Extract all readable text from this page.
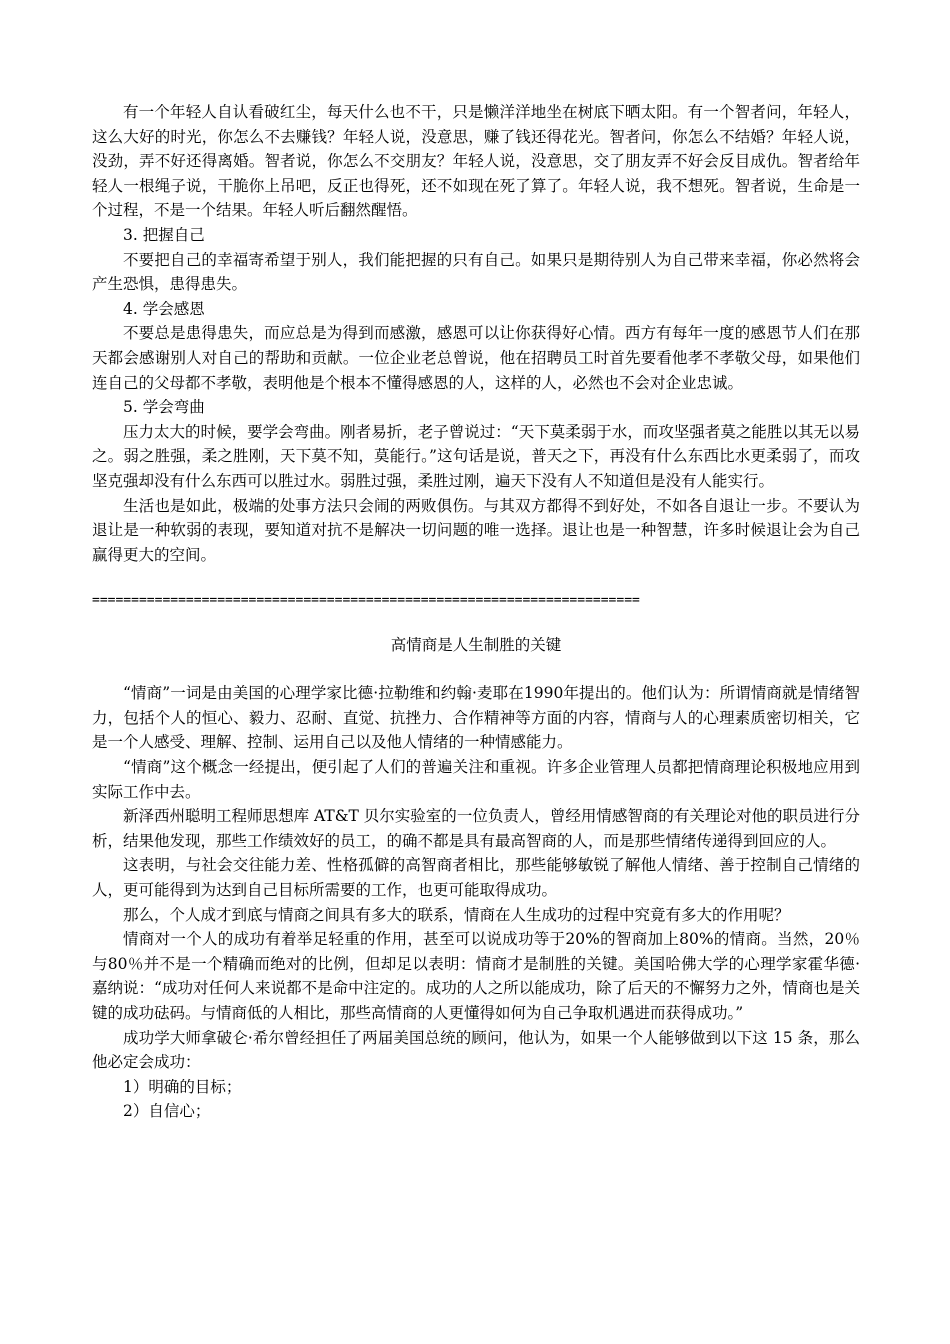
有一个年轻人自认看破红尘，每天什么也不干，只是懒洋洋地坐在树底下晒太阳。有一个智者问，年轻人，这么大好的时光，你怎么不去赚钱？年轻人说，没意思，赚了钱还得花光。智者问，你怎么不结婚？年轻人说，没劲，弄不好还得离婚。智者说，你怎么不交朋友？年轻人说，没意思，交了朋友弄不好会反目成仇。智者给年轻人一根绳子说，干脆你上吊吧，反正也得死，还不如现在死了算了。年轻人说，我不想死。智者说，生命是一个过程，不是一个结果。年轻人听后翻然醒悟。

3. 把握自己

不要把自己的幸福寄希望于别人，我们能把握的只有自己。如果只是期待别人为自己带来幸福，你必然将会产生恐惧，患得患失。

4. 学会感恩

不要总是患得患失，而应总是为得到而感激，感恩可以让你获得好心情。西方有每年一度的感恩节人们在那天都会感谢别人对自己的帮助和贡献。一位企业老总曾说，他在招聘员工时首先要看他孝不孝敬父母，如果他们连自己的父母都不孝敬，表明他是个根本不懂得感恩的人，这样的人，必然也不会对企业忠诚。

5. 学会弯曲

压力太大的时候，要学会弯曲。刚者易折，老子曾说过：“天下莫柔弱于水，而攻坚强者莫之能胜以其无以易之。弱之胜强，柔之胜刚，天下莫不知，莫能行。”这句话是说，普天之下，再没有什么东西比水更柔弱了，而攻坚克强却没有什么东西可以胜过水。弱胜过强，柔胜过刚，遍天下没有人不知道但是没有人能实行。

生活也是如此，极端的处事方法只会闹的两败俱伤。与其双方都得不到好处，不如各自退让一步。不要认为退让是一种软弱的表现，要知道对抗不是解决一切问题的唯一选择。退让也是一种智慧，许多时候退让会为自己赢得更大的空间。

======================================================================

高情商是人生制胜的关键

“情商”一词是由美国的心理学家比德·拉勒维和约翰·麦耶在1990年提出的。他们认为：所谓情商就是情绪智力，包括个人的恒心、毅力、忍耐、直觉、抗挫力、合作精神等方面的内容，情商与人的心理素质密切相关，它是一个人感受、理解、控制、运用自己以及他人情绪的一种情感能力。

“情商”这个概念一经提出，便引起了人们的普遍关注和重视。许多企业管理人员都把情商理论积极地应用到实际工作中去。

新泽西州聪明工程师思想库 AT&T 贝尔实验室的一位负责人，曾经用情感智商的有关理论对他的职员进行分析，结果他发现，那些工作绩效好的员工，的确不都是具有最高智商的人，而是那些情绪传递得到回应的人。

这表明，与社会交往能力差、性格孤僻的高智商者相比，那些能够敏锐了解他人情绪、善于控制自己情绪的人，更可能得到为达到自己目标所需要的工作，也更可能取得成功。

那么，个人成才到底与情商之间具有多大的联系，情商在人生成功的过程中究竟有多大的作用呢？

情商对一个人的成功有着举足轻重的作用，甚至可以说成功等于20%的智商加上80%的情商。当然，20％与80％并不是一个精确而绝对的比例，但却足以表明：情商才是制胜的关键。美国哈佛大学的心理学家霍华德·嘉纳说：“成功对任何人来说都不是命中注定的。成功的人之所以能成功，除了后天的不懈努力之外，情商也是关键的成功砝码。与情商低的人相比，那些高情商的人更懂得如何为自己争取机遇进而获得成功。”

成功学大师拿破仑·希尔曾经担任了两届美国总统的顾问，他认为，如果一个人能够做到以下这 15 条，那么他必定会成功：

1）明确的目标；

2）自信心；
